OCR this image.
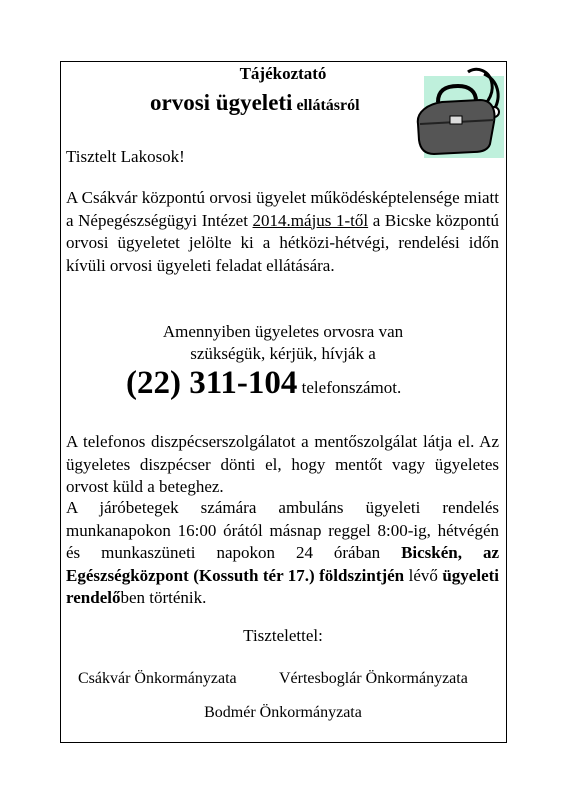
Tájékoztató
orvosi ügyeleti ellátásról
Tisztelt Lakosok!
A Csákvár központú orvosi ügyelet működésképtelensége miatt a Népegészségügyi Intézet 2014.május 1-től a Bicske központú orvosi ügyeletet jelölte ki a hétközi-hétvégi, rendelési időn kívüli orvosi ügyeleti feladat ellátására.
Amennyiben ügyeletes orvosra van
szükségük, kérjük, hívják a
(22) 311-104 telefonszámot.
A telefonos diszpécserszolgálatot a mentőszolgálat látja el. Az ügyeletes diszpécser dönti el, hogy mentőt vagy ügyeletes orvost küld a beteghez.
A járóbetegek számára ambuláns ügyeleti rendelés munkanapokon 16:00 órától másnap reggel 8:00-ig, hétvégén és munkaszüneti napokon 24 órában Bicskén, az Egészségközpont (Kossuth tér 17.) földszintjén lévő ügyeleti rendelőben történik.
Tisztelettel:
Csákvár Önkormányzata	Vértesboglár Önkormányzata
Bodmér Önkormányzata
